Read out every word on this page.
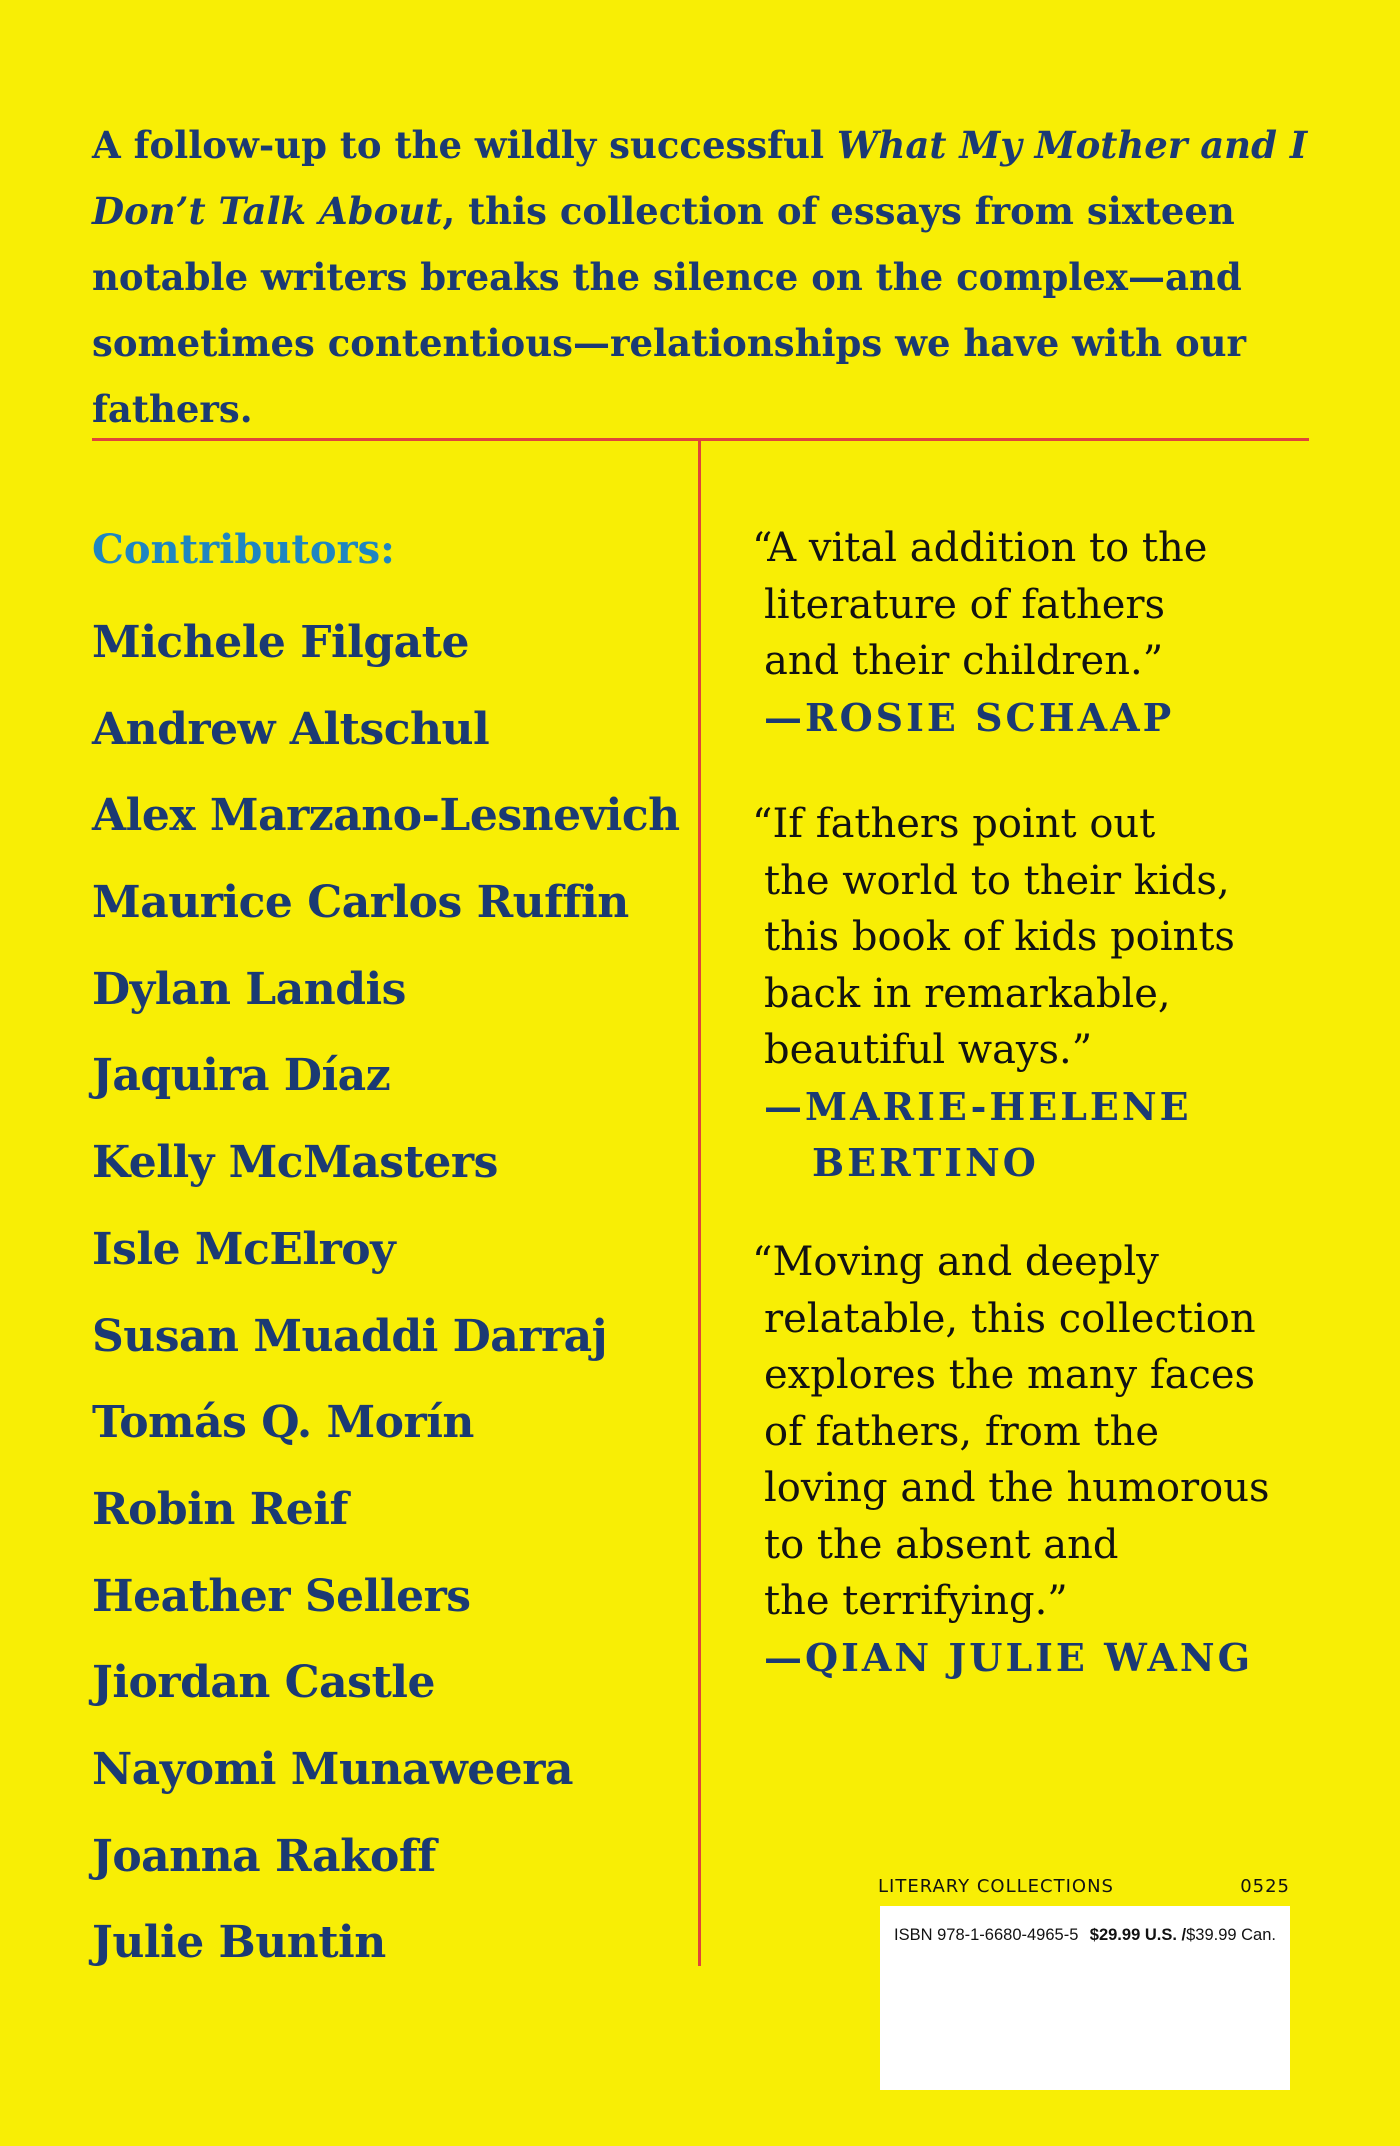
A follow-up to the wildly successful What My Mother and I Don’t Talk About, this collection of essays from sixteen notable writers breaks the silence on the complex—and sometimes contentious—relationships we have with our fathers.

Contributors:
Michele Filgate
Andrew Altschul
Alex Marzano-Lesnevich
Maurice Carlos Ruffin
Dylan Landis
Jaquira Díaz
Kelly McMasters
Isle McElroy
Susan Muaddi Darraj
Tomás Q. Morín
Robin Reif
Heather Sellers
Jiordan Castle
Nayomi Munaweera
Joanna Rakoff
Julie Buntin

“A vital addition to the
literature of fathers
and their children.”

—ROSIE SCHAAP

“If fathers point out
the world to their kids,
this book of kids points
back in remarkable,
beautiful ways.”

—MARIE-HELENE BERTINO

“Moving and deeply
relatable, this collection
explores the many faces
of fathers, from the
loving and the humorous
to the absent and
the terrifying.”

—QIAN JULIE WANG

LITERARY COLLECTIONS	0525
ISBN 978-1-6680-4965-5 $29.99 U.S. /$39.99 Can.
